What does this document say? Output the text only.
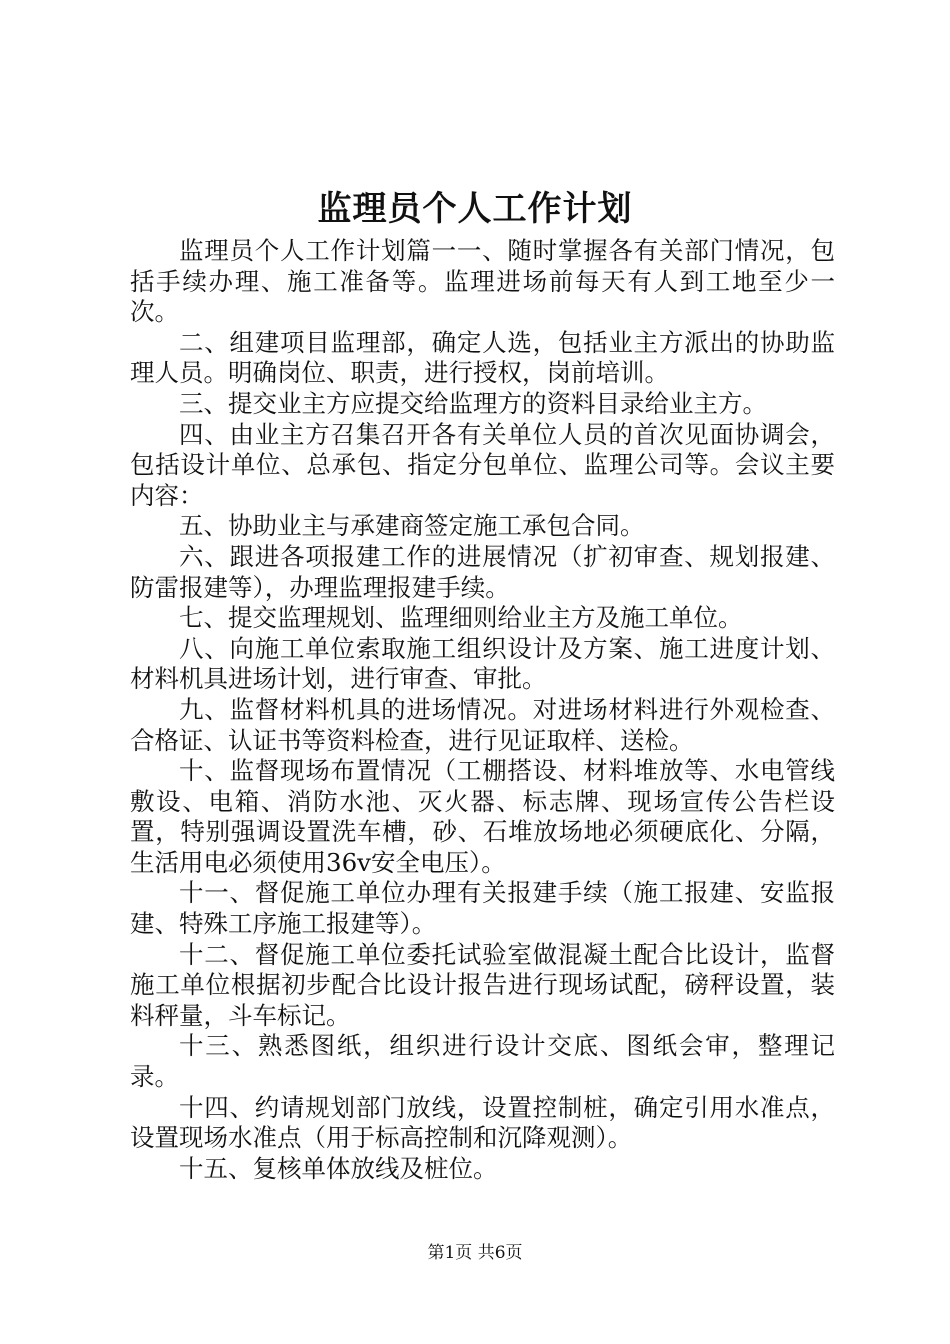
监理员个人工作计划

监理员个人工作计划篇一一、随时掌握各有关部门情况，包括手续办理、施工准备等。监理进场前每天有人到工地至少一次。

二、组建项目监理部，确定人选，包括业主方派出的协助监理人员。明确岗位、职责，进行授权，岗前培训。

三、提交业主方应提交给监理方的资料目录给业主方。

四、由业主方召集召开各有关单位人员的首次见面协调会，包括设计单位、总承包、指定分包单位、监理公司等。会议主要内容：

五、协助业主与承建商签定施工承包合同。

六、跟进各项报建工作的进展情况（扩初审查、规划报建、防雷报建等），办理监理报建手续。

七、提交监理规划、监理细则给业主方及施工单位。

八、向施工单位索取施工组织设计及方案、施工进度计划、材料机具进场计划，进行审查、审批。

九、监督材料机具的进场情况。对进场材料进行外观检查、合格证、认证书等资料检查，进行见证取样、送检。

十、监督现场布置情况（工棚搭设、材料堆放等、水电管线敷设、电箱、消防水池、灭火器、标志牌、现场宣传公告栏设置，特别强调设置洗车槽，砂、石堆放场地必须硬底化、分隔，生活用电必须使用36v安全电压）。

十一、督促施工单位办理有关报建手续（施工报建、安监报建、特殊工序施工报建等）。

十二、督促施工单位委托试验室做混凝土配合比设计，监督施工单位根据初步配合比设计报告进行现场试配，磅秤设置，装料秤量，斗车标记。

十三、熟悉图纸，组织进行设计交底、图纸会审，整理记录。

十四、约请规划部门放线，设置控制桩，确定引用水准点，设置现场水准点（用于标高控制和沉降观测）。

十五、复核单体放线及桩位。

第1页 共6页
